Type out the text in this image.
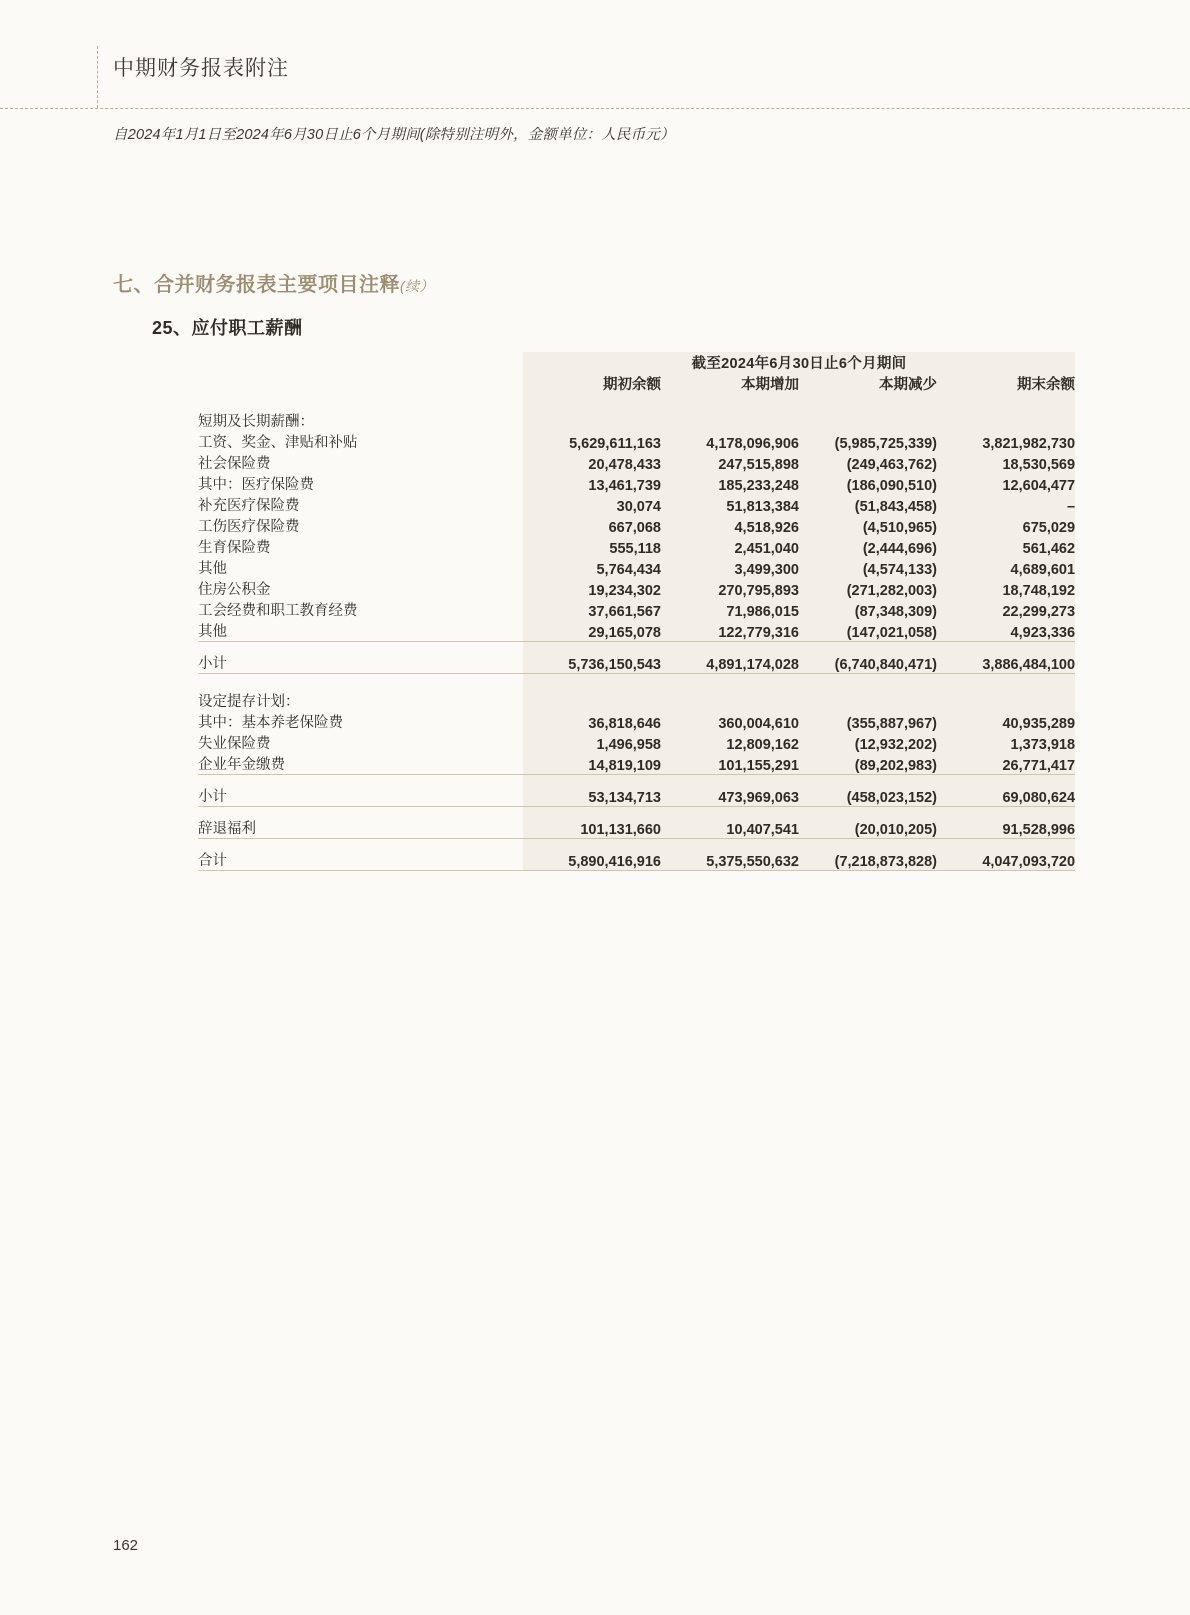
中期财务报表附注
自2024年1月1日至2024年6月30日止6个月期间(除特别注明外，金额单位：人民币元）
七、合并财务报表主要项目注释(续）
25、应付职工薪酬
	截至2024年6月30日止6个月期间			
	期初余额	本期增加	本期减少	期末余额

短期及长期薪酬：				
工资、奖金、津贴和补贴	5,629,611,163	4,178,096,906	(5,985,725,339)	3,821,982,730
社会保险费	20,478,433	247,515,898	(249,463,762)	18,530,569
其中：医疗保险费	13,461,739	185,233,248	(186,090,510)	12,604,477
补充医疗保险费	30,074	51,813,384	(51,843,458)	–
工伤医疗保险费	667,068	4,518,926	(4,510,965)	675,029
生育保险费	555,118	2,451,040	(2,444,696)	561,462
其他	5,764,434	3,499,300	(4,574,133)	4,689,601
住房公积金	19,234,302	270,795,893	(271,282,003)	18,748,192
工会经费和职工教育经费	37,661,567	71,986,015	(87,348,309)	22,299,273
其他	29,165,078	122,779,316	(147,021,058)	4,923,336

小计	5,736,150,543	4,891,174,028	(6,740,840,471)	3,886,484,100

设定提存计划：				
其中：基本养老保险费	36,818,646	360,004,610	(355,887,967)	40,935,289
失业保险费	1,496,958	12,809,162	(12,932,202)	1,373,918
企业年金缴费	14,819,109	101,155,291	(89,202,983)	26,771,417

小计	53,134,713	473,969,063	(458,023,152)	69,080,624

辞退福利	101,131,660	10,407,541	(20,010,205)	91,528,996

合计	5,890,416,916	5,375,550,632	(7,218,873,828)	4,047,093,720
162
